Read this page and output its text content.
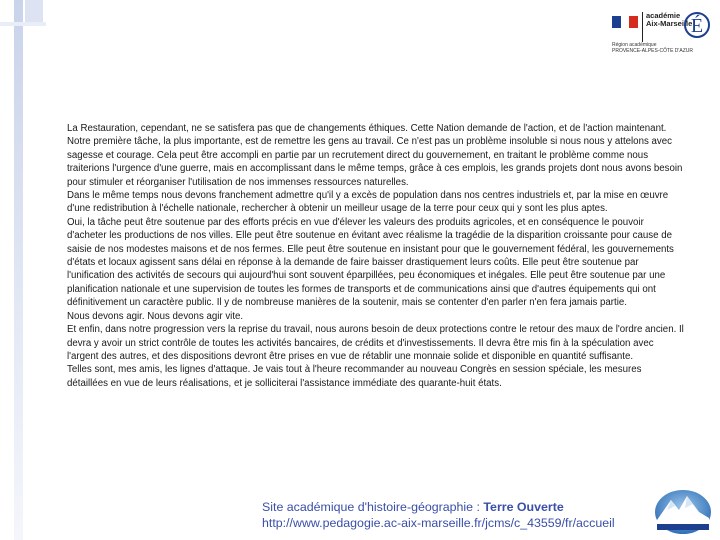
académie
Aix-Marseille
É
Région académique
PROVENCE-ALPES-CÔTE D'AZUR

La Restauration, cependant, ne se satisfera pas que de changements éthiques. Cette Nation demande de l'action, et de l'action maintenant.

Notre première tâche, la plus importante, est de remettre les gens au travail. Ce n'est pas un problème insoluble si nous nous y attelons avec sagesse et courage. Cela peut être accompli en partie par un recrutement direct du gouvernement, en traitant le problème comme nous traiterions l'urgence d'une guerre, mais en accomplissant dans le même temps, grâce à ces emplois, les grands projets dont nous avons besoin pour stimuler et réorganiser l'utilisation de nos immenses ressources naturelles.

Dans le même temps nous devons franchement admettre qu'il y a excès de population dans nos centres industriels et, par la mise en œuvre d'une redistribution à l'échelle nationale, rechercher à obtenir un meilleur usage de la terre pour ceux qui y sont les plus aptes.

Oui, la tâche peut être soutenue par des efforts précis en vue d'élever les valeurs des produits agricoles, et en conséquence le pouvoir d'acheter les productions de nos villes. Elle peut être soutenue en évitant avec réalisme la tragédie de la disparition croissante pour cause de saisie de nos modestes maisons et de nos fermes. Elle peut être soutenue en insistant pour que le gouvernement fédéral, les gouvernements d'états et locaux agissent sans délai en réponse à la demande de faire baisser drastiquement leurs coûts. Elle peut être soutenue par l'unification des activités de secours qui aujourd'hui sont souvent éparpillées, peu économiques et inégales. Elle peut être soutenue par une planification nationale et une supervision de toutes les formes de transports et de communications ainsi que d'autres équipements qui ont définitivement un caractère public. Il y de nombreuse manières de la soutenir, mais se contenter d'en parler n'en fera jamais partie.

Nous devons agir. Nous devons agir vite.

Et enfin, dans notre progression vers la reprise du travail, nous aurons besoin de deux protections contre le retour des maux de l'ordre ancien. Il devra y avoir un strict contrôle de toutes les activités bancaires, de crédits et d'investissements. Il devra être mis fin à la spéculation avec l'argent des autres, et des dispositions devront être prises en vue de rétablir une monnaie solide et disponible en quantité suffisante.

Telles sont, mes amis, les lignes d'attaque. Je vais tout à l'heure recommander au nouveau Congrès en session spéciale, les mesures détaillées en vue de leurs réalisations, et je solliciterai l'assistance immédiate des quarante-huit états.

Site académique d'histoire-géographie : Terre Ouverte
http://www.pedagogie.ac-aix-marseille.fr/jcms/c_43559/fr/accueil
